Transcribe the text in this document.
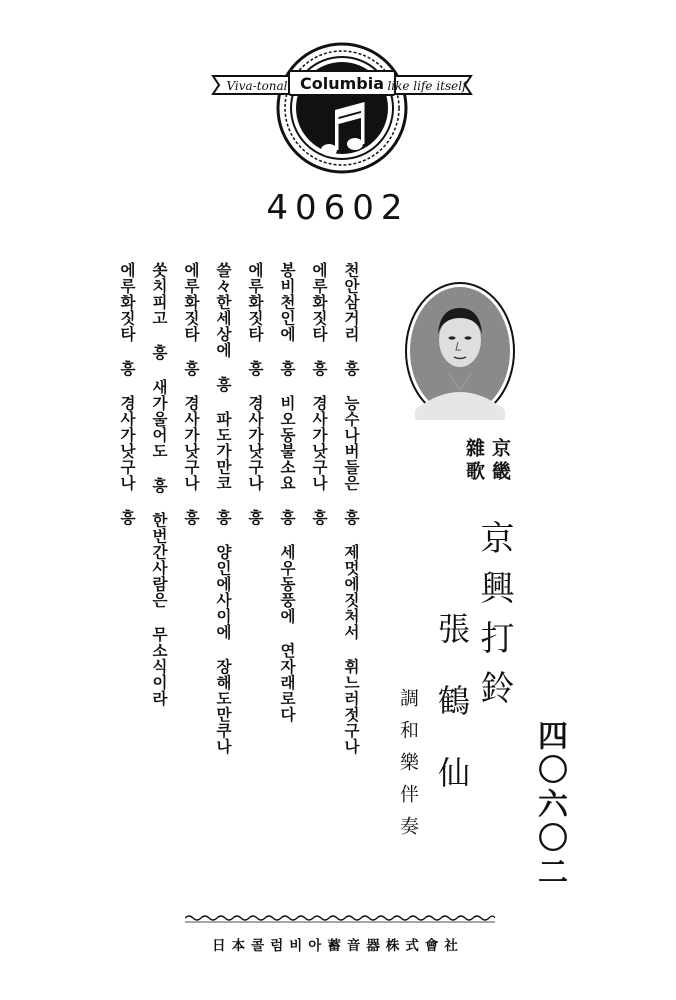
Viva-tonal Columbia like life itself
40602
천안삼거리 흥 능수나버들은 흥 제멋에짓처서 휘느러젓구나
에루화짓타 흥 경사가낫구나 흥
봉비천인에 흥 비오동불소요 흥 세우동풍에 연자래로다
에루화짓타 흥 경사가낫구나 흥
쓸々한세상에 흥 파도가만코 흥 양인에사이에 장해도만쿠나
에루화짓타 흥 경사가낫구나 흥
쏫치피고 흥 새가울어도 흥 한번간사람은 무소식이라
에루화짓타 흥 경사가낫구나 흥	京畿
雜歌
京興打鈴
張鶴仙
調和樂伴奏	四〇六〇二
日本콜럼비아蓄音器株式會社
